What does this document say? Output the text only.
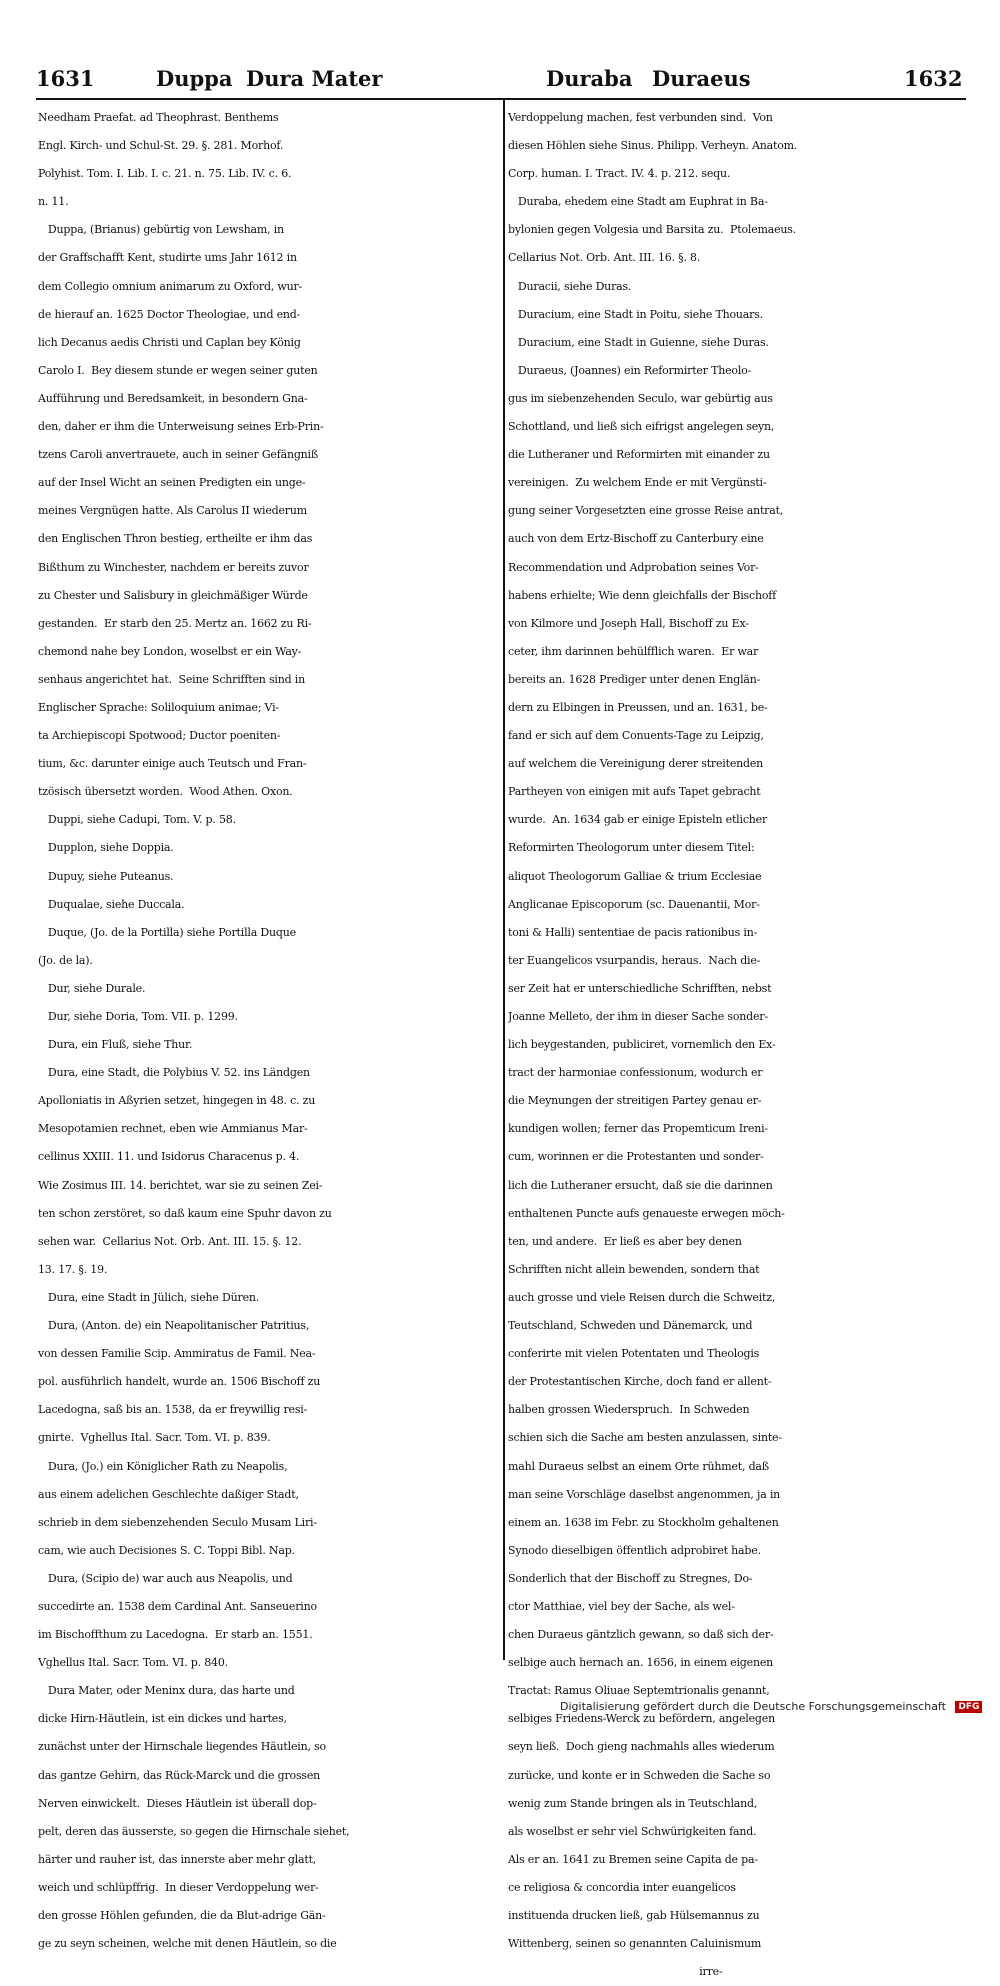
1631	Duppa Dura Mater	Duraba Duraeus	1632
Needham Praefat. ad Theophrast. Benthems
Engl. Kirch- und Schul-St. 29. §. 281. Morhof.
Polyhist. Tom. I. Lib. I. c. 21. n. 75. Lib. IV. c. 6.
n. 11.
Duppa, (Brianus) gebürtig von Lewsham, in
der Graffschafft Kent, studirte ums Jahr 1612 in
dem Collegio omnium animarum zu Oxford, wur-
de hierauf an. 1625 Doctor Theologiae, und end-
lich Decanus aedis Christi und Caplan bey König
Carolo I.  Bey diesem stunde er wegen seiner guten
Aufführung und Beredsamkeit, in besondern Gna-
den, daher er ihm die Unterweisung seines Erb-Prin-
tzens Caroli anvertrauete, auch in seiner Gefängniß
auf der Insel Wicht an seinen Predigten ein unge-
meines Vergnügen hatte. Als Carolus II wiederum
den Englischen Thron bestieg, ertheilte er ihm das
Bißthum zu Winchester, nachdem er bereits zuvor
zu Chester und Salisbury in gleichmäßiger Würde
gestanden.  Er starb den 25. Mertz an. 1662 zu Ri-
chemond nahe bey London, woselbst er ein Way-
senhaus angerichtet hat.  Seine Schrifften sind in
Englischer Sprache: Soliloquium animae; Vi-
ta Archiepiscopi Spotwood; Ductor poeniten-
tium, &c. darunter einige auch Teutsch und Fran-
tzösisch übersetzt worden.  Wood Athen. Oxon.
Duppi, siehe Cadupi, Tom. V. p. 58.
Dupplon, siehe Doppia.
Dupuy, siehe Puteanus.
Duqualae, siehe Duccala.
Duque, (Jo. de la Portilla) siehe Portilla Duque
(Jo. de la).
Dur, siehe Durale.
Dur, siehe Doria, Tom. VII. p. 1299.
Dura, ein Fluß, siehe Thur.
Dura, eine Stadt, die Polybius V. 52. ins Ländgen
Apolloniatis in Aßyrien setzet, hingegen in 48. c. zu
Mesopotamien rechnet, eben wie Ammianus Mar-
cellinus XXIII. 11. und Isidorus Characenus p. 4.
Wie Zosimus III. 14. berichtet, war sie zu seinen Zei-
ten schon zerstöret, so daß kaum eine Spuhr davon zu
sehen war.  Cellarius Not. Orb. Ant. III. 15. §. 12.
13. 17. §. 19.
Dura, eine Stadt in Jülich, siehe Düren.
Dura, (Anton. de) ein Neapolitanischer Patritius,
von dessen Familie Scip. Ammiratus de Famil. Nea-
pol. ausführlich handelt, wurde an. 1506 Bischoff zu
Lacedogna, saß bis an. 1538, da er freywillig resi-
gnirte.  Vghellus Ital. Sacr. Tom. VI. p. 839.
Dura, (Jo.) ein Königlicher Rath zu Neapolis,
aus einem adelichen Geschlechte daßiger Stadt,
schrieb in dem siebenzehenden Seculo Musam Liri-
cam, wie auch Decisiones S. C. Toppi Bibl. Nap.
Dura, (Scipio de) war auch aus Neapolis, und
succedirte an. 1538 dem Cardinal Ant. Sanseuerino
im Bischoffthum zu Lacedogna.  Er starb an. 1551.
Vghellus Ital. Sacr. Tom. VI. p. 840.
Dura Mater, oder Meninx dura, das harte und
dicke Hirn-Häutlein, ist ein dickes und hartes,
zunächst unter der Hirnschale liegendes Häutlein, so
das gantze Gehirn, das Rück-Marck und die grossen
Nerven einwickelt.  Dieses Häutlein ist überall dop-
pelt, deren das äusserste, so gegen die Hirnschale siehet,
härter und rauher ist, das innerste aber mehr glatt,
weich und schlüpffrig.  In dieser Verdoppelung wer-
den grosse Höhlen gefunden, die da Blut-adrige Gän-
ge zu seyn scheinen, welche mit denen Häutlein, so die
Verdoppelung machen, fest verbunden sind.  Von
diesen Höhlen siehe Sinus. Philipp. Verheyn. Anatom.
Corp. human. I. Tract. IV. 4. p. 212. sequ.
Duraba, ehedem eine Stadt am Euphrat in Ba-
bylonien gegen Volgesia und Barsita zu.  Ptolemaeus.
Cellarius Not. Orb. Ant. III. 16. §. 8.
Duracii, siehe Duras.
Duracium, eine Stadt in Poitu, siehe Thouars.
Duracium, eine Stadt in Guienne, siehe Duras.
Duraeus, (Joannes) ein Reformirter Theolo-
gus im siebenzehenden Seculo, war gebürtig aus
Schottland, und ließ sich eifrigst angelegen seyn,
die Lutheraner und Reformirten mit einander zu
vereinigen.  Zu welchem Ende er mit Vergünsti-
gung seiner Vorgesetzten eine grosse Reise antrat,
auch von dem Ertz-Bischoff zu Canterbury eine
Recommendation und Adprobation seines Vor-
habens erhielte; Wie denn gleichfalls der Bischoff
von Kilmore und Joseph Hall, Bischoff zu Ex-
ceter, ihm darinnen behülfflich waren.  Er war
bereits an. 1628 Prediger unter denen Englän-
dern zu Elbingen in Preussen, und an. 1631, be-
fand er sich auf dem Conuents-Tage zu Leipzig,
auf welchem die Vereinigung derer streitenden
Partheyen von einigen mit aufs Tapet gebracht
wurde.  An. 1634 gab er einige Episteln etlicher
Reformirten Theologorum unter diesem Titel:
aliquot Theologorum Galliae & trium Ecclesiae
Anglicanae Episcoporum (sc. Dauenantii, Mor-
toni & Halli) sententiae de pacis rationibus in-
ter Euangelicos vsurpandis, heraus.  Nach die-
ser Zeit hat er unterschiedliche Schrifften, nebst
Joanne Melleto, der ihm in dieser Sache sonder-
lich beygestanden, publiciret, vornemlich den Ex-
tract der harmoniae confessionum, wodurch er
die Meynungen der streitigen Partey genau er-
kundigen wollen; ferner das Propemticum Ireni-
cum, worinnen er die Protestanten und sonder-
lich die Lutheraner ersucht, daß sie die darinnen
enthaltenen Puncte aufs genaueste erwegen möch-
ten, und andere.  Er ließ es aber bey denen
Schrifften nicht allein bewenden, sondern that
auch grosse und viele Reisen durch die Schweitz,
Teutschland, Schweden und Dänemarck, und
conferirte mit vielen Potentaten und Theologis
der Protestantischen Kirche, doch fand er allent-
halben grossen Wiederspruch.  In Schweden
schien sich die Sache am besten anzulassen, sinte-
mahl Duraeus selbst an einem Orte rühmet, daß
man seine Vorschläge daselbst angenommen, ja in
einem an. 1638 im Febr. zu Stockholm gehaltenen
Synodo dieselbigen öffentlich adprobiret habe.
Sonderlich that der Bischoff zu Stregnes, Do-
ctor Matthiae, viel bey der Sache, als wel-
chen Duraeus gäntzlich gewann, so daß sich der-
selbige auch hernach an. 1656, in einem eigenen
Tractat: Ramus Oliuae Septemtrionalis genannt,
selbiges Friedens-Werck zu befördern, angelegen
seyn ließ.  Doch gieng nachmahls alles wiederum
zurücke, und konte er in Schweden die Sache so
wenig zum Stande bringen als in Teutschland,
als woselbst er sehr viel Schwürigkeiten fand.
Als er an. 1641 zu Bremen seine Capita de pa-
ce religiosa & concordia inter euangelicos
instituenda drucken ließ, gab Hülsemannus zu
Wittenberg, seinen so genannten Caluinismum
irre-
Digitalisierung gefördert durch die Deutsche Forschungsgemeinschaft DFG
